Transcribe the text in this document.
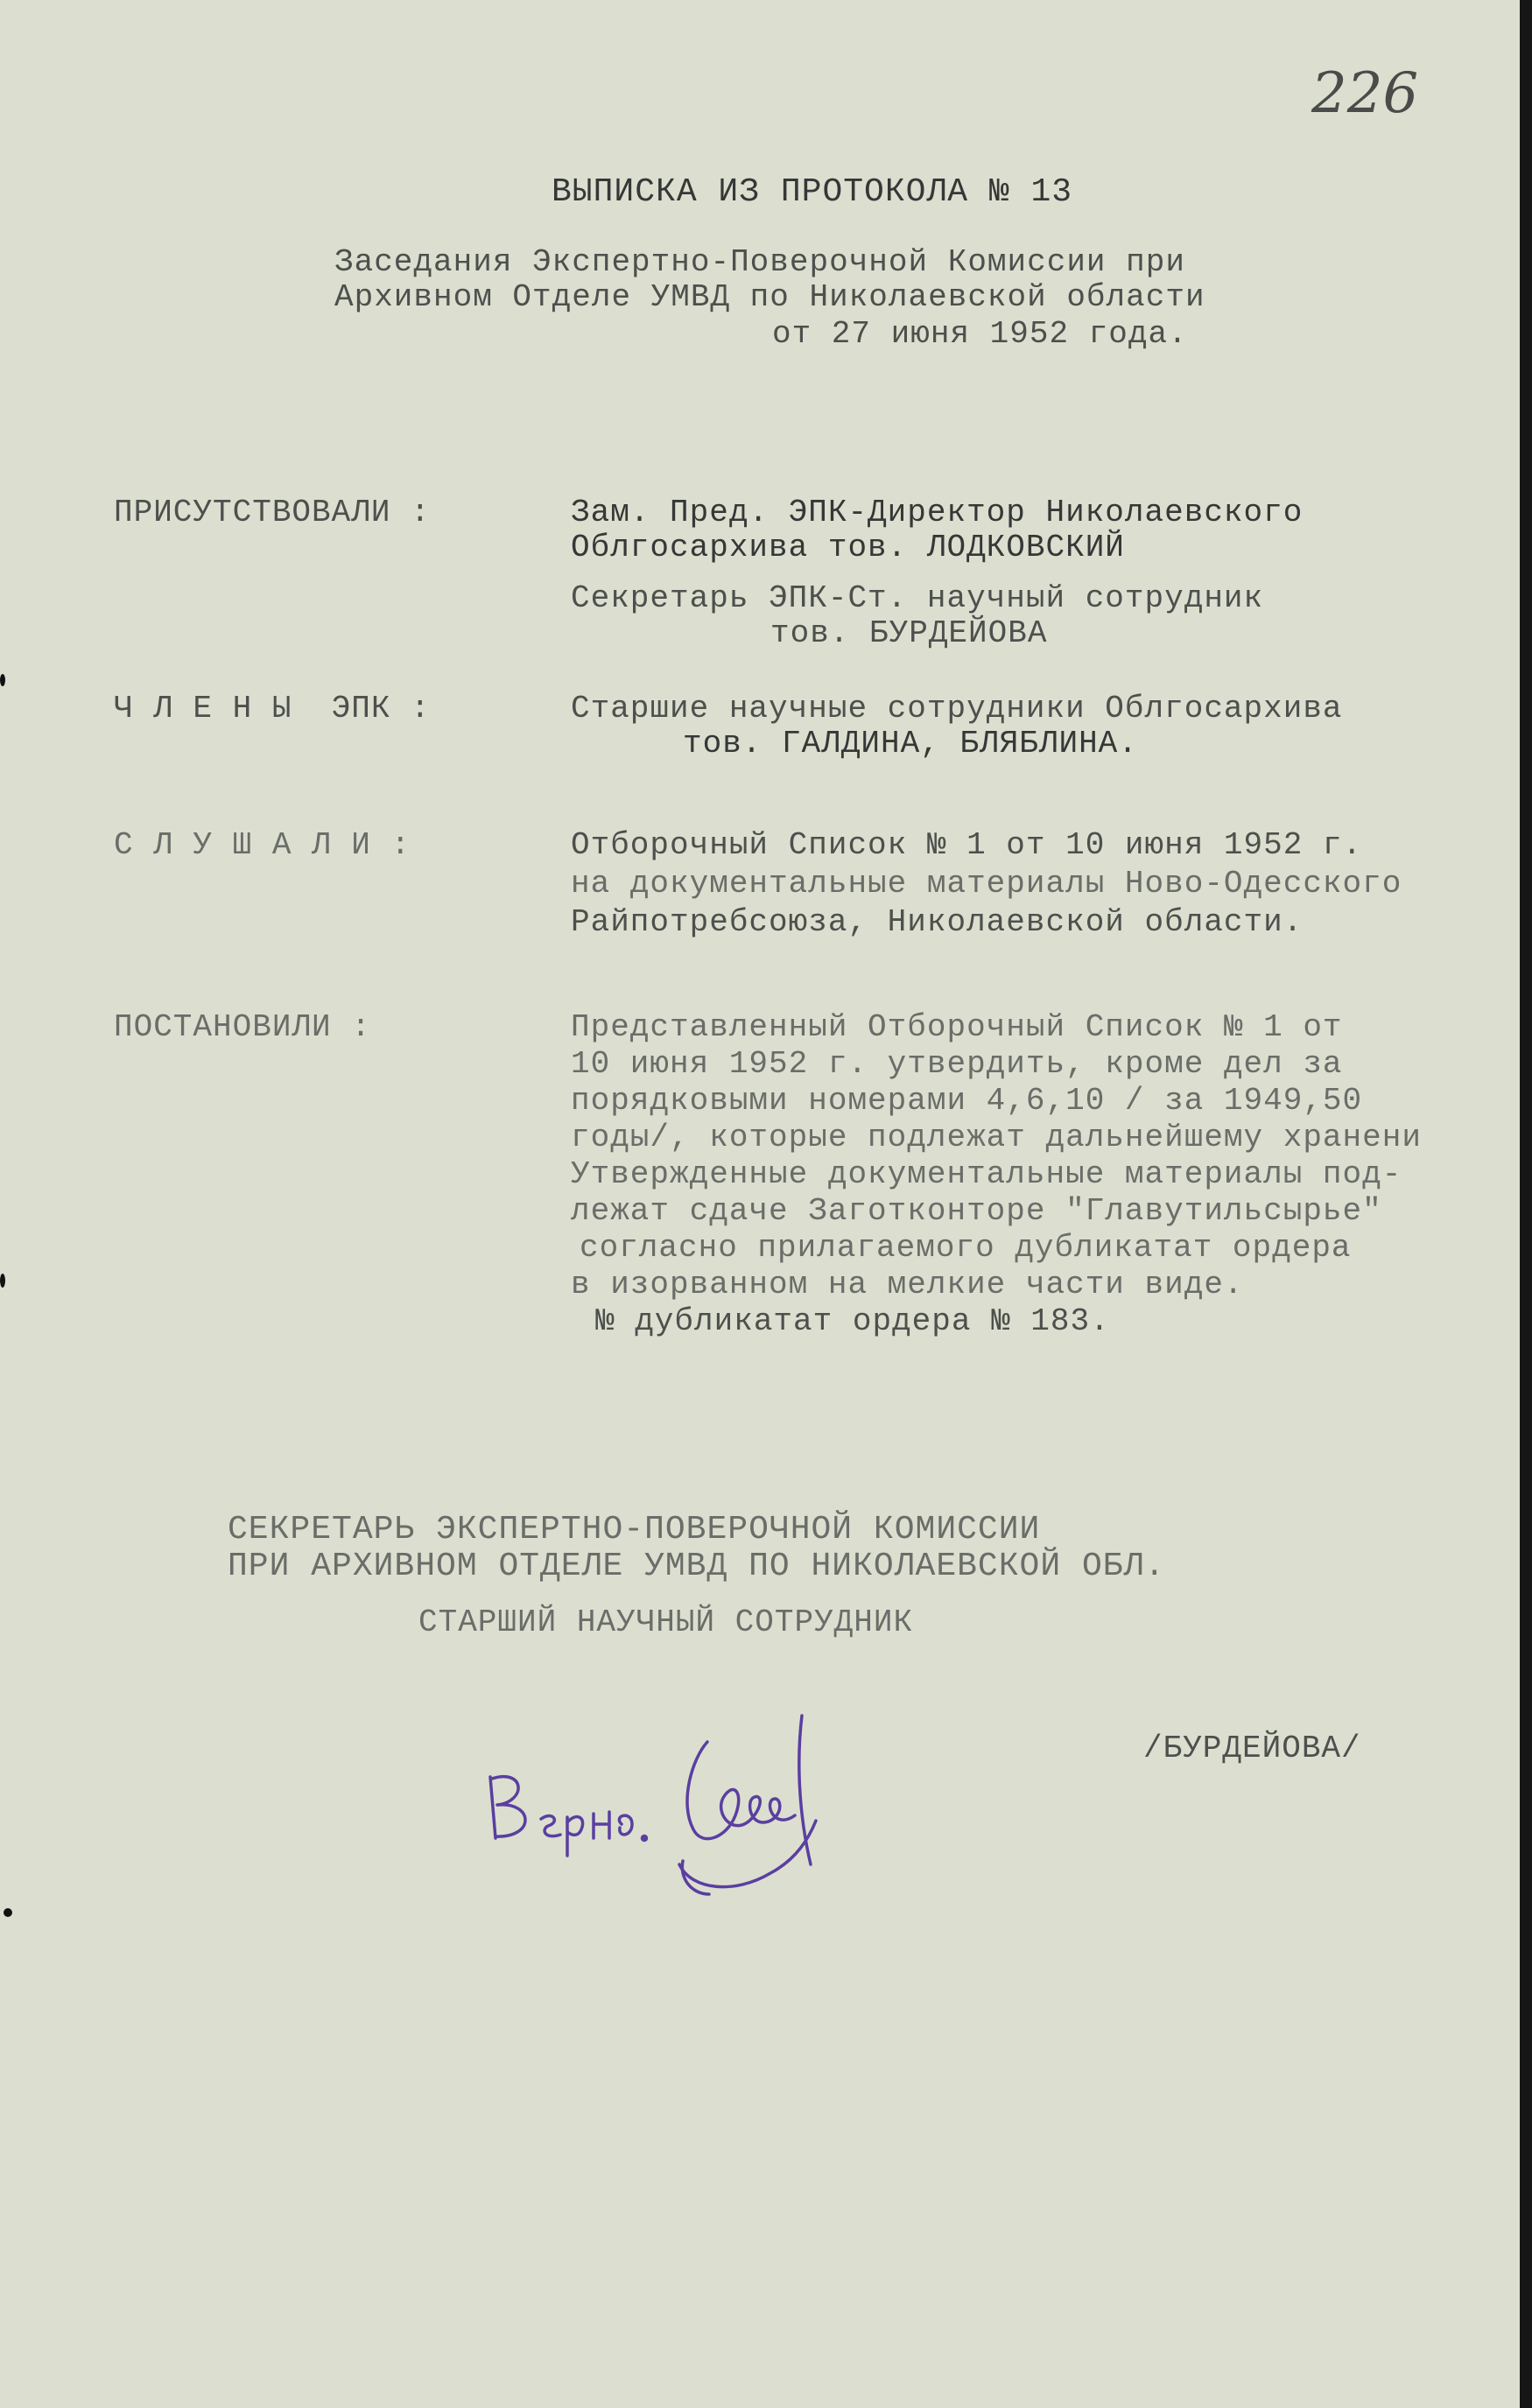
226
ВЫПИСКА ИЗ ПРОТОКОЛА № 13
Заседания Экспертно-Поверочной Комиссии при
Архивном Отделе УМВД по Николаевской области
от 27 июня 1952 года.
ПРИСУТСТВОВАЛИ :	Зам. Пред. ЭПК-Директор Николаевского
Облгосархива тов. ЛОДКОВСКИЙ
Секретарь ЭПК-Ст. научный сотрудник
тов. БУРДЕЙОВА
Ч Л Е Н Ы  ЭПК :	Старшие научные сотрудники Облгосархива
тов. ГАЛДИНА, БЛЯБЛИНА.
С Л У Ш А Л И :	Отборочный Список № 1 от 10 июня 1952 г.
на документальные материалы Ново-Одесского
Райпотребсоюза, Николаевской области.
ПОСТАНОВИЛИ :	Представленный Отборочный Список № 1 от
10 июня 1952 г. утвердить, кроме дел за
порядковыми номерами 4,6,10 / за 1949,50
годы/, которые подлежат дальнейшему хранени
Утвержденные документальные материалы под-
лежат сдаче Заготконторе "Главутильсырье"
согласно прилагаемого дубликатат ордера
в изорванном на мелкие части виде.
№ дубликатат ордера № 183.
СЕКРЕТАРЬ ЭКСПЕРТНО-ПОВЕРОЧНОЙ КОМИССИИ
ПРИ АРХИВНОМ ОТДЕЛЕ УМВД ПО НИКОЛАЕВСКОЙ ОБЛ.
СТАРШИЙ НАУЧНЫЙ СОТРУДНИК
/БУРДЕЙОВА/
